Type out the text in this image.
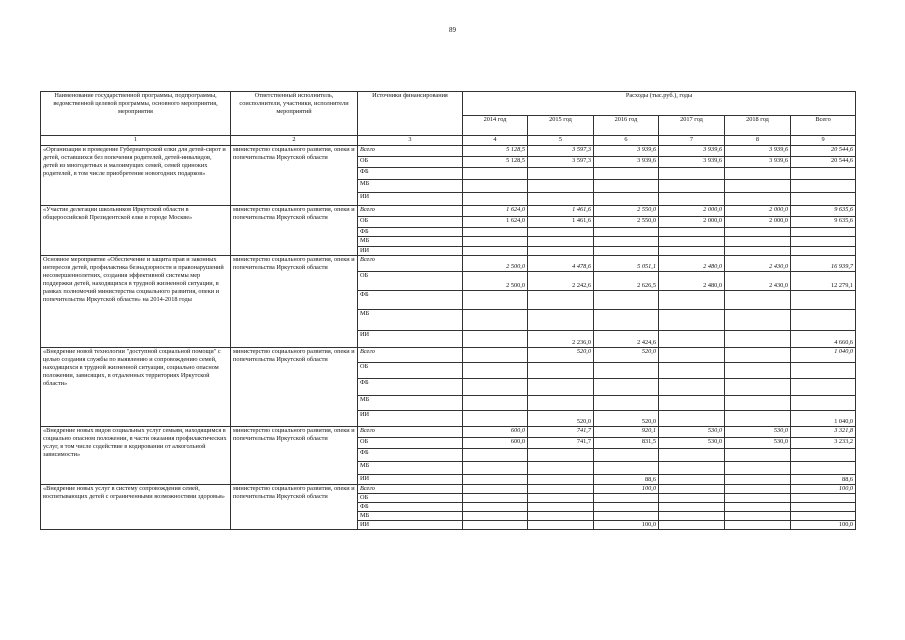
89
Наименование государственной программы, подпрограммы, ведомственной целевой программы, основного мероприятия, мероприятия	Ответственный исполнитель, соисполнители, участники, исполнители мероприятий	Источники финансирования	Расходы (тыс.руб.), годы					
			2014 год	2015 год	2016 год	2017 год	2018 год	Всего
1	2	3	4	5	6	7	8	9
«Организация и проведение Губернаторской елки для детей-сирот и детей, оставшихся без попечения родителей, детей-инвалидов, детей из многодетных и малоимущих семей, семей одиноких родителей, в том числе приобретение новогодних подарков»	министерство социального развития, опеки и попечительства Иркутской области	Всего	5 128,5	3 597,3	3 939,6	3 939,6	3 939,6	20 544,6
		ОБ	5 128,5	3 597,3	3 939,6	3 939,6	3 939,6	20 544,6
		ФБ						
		МБ						
		ИИ						
«Участие делегации школьников Иркутской области в общероссийской Президентской елке в городе Москве»	министерство социального развития, опеки и попечительства Иркутской области	Всего	1 624,0	1 461,6	2 550,0	2 000,0	2 000,0	9 635,6
		ОБ	1 624,0	1 461,6	2 550,0	2 000,0	2 000,0	9 635,6
		ФБ						
		МБ						
		ИИ						
Основное мероприятие «Обеспечение и защита прав и законных интересов детей, профилактика безнадзорности и правонарушений несовершеннолетних, создания эффективной системы мер поддержки детей, находящихся в трудной жизненной ситуации, в рамках полномочий министерства социального развития, опеки и попечительства Иркутской области» на 2014-2018 годы	министерство социального развития, опеки и попечительства Иркутской области	Всего	2 500,0	4 478,6	5 051,1	2 480,0	2 430,0	16 939,7
		ОБ	2 500,0	2 242,6	2 626,5	2 480,0	2 430,0	12 279,1
		ФБ						
		МБ						
		ИИ		2 236,0	2 424,6			4 660,6
«Внедрение новой технологии "доступной социальной помощи" с целью создания службы по выявлению и сопровождению семей, находящихся в трудной жизненной ситуации, социально опасном положении, зависящих, в отдаленных территориях Иркутской области»	министерство социального развития, опеки и попечительства Иркутской области	Всего		520,0	520,0			1 040,0
		ОБ						
		ФБ						
		МБ						
		ИИ		520,0	520,0			1 040,0
«Внедрение новых видов социальных услуг семьям, находящимся в социально опасном положении, в части оказания профилактических услуг, в том числе содействие в кодировании от алкогольной зависимости»	министерство социального развития, опеки и попечительства Иркутской области	Всего	600,0	741,7	920,1	530,0	530,0	3 321,8
		ОБ	600,0	741,7	831,5	530,0	530,0	3 233,2
		ФБ						
		МБ						
		ИИ			88,6			88,6
«Внедрение новых услуг в систему сопровождения семей, воспитывающих детей с ограниченными возможностями здоровья»	министерство социального развития, опеки и попечительства Иркутской области	Всего			100,0			100,0
		ОБ						
		ФБ						
		МБ						
		ИИ			100,0			100,0
